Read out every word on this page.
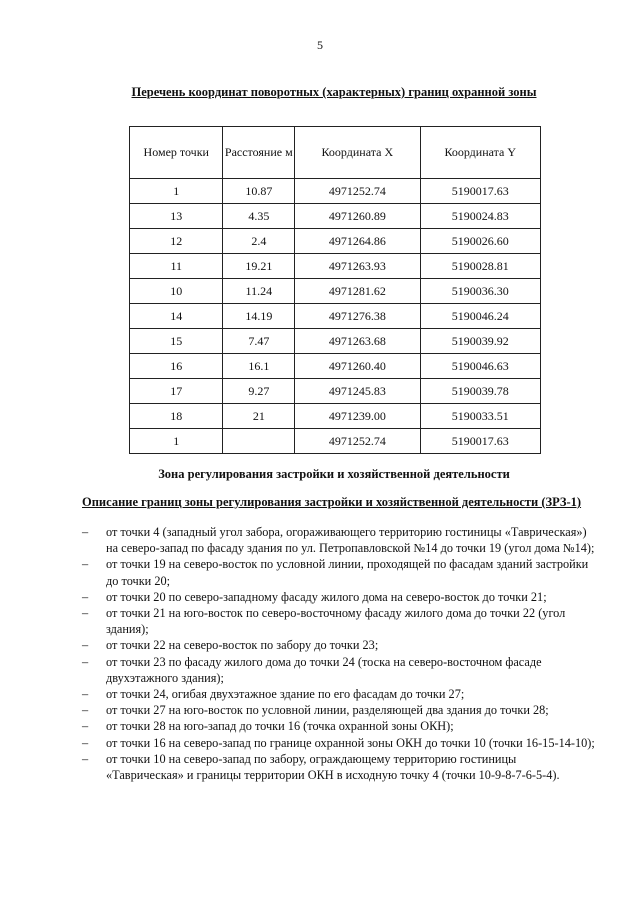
5
Перечень координат поворотных (характерных) границ охранной зоны
Номер точки	Расстояние м	Координата X	Координата Y
1	10.87	4971252.74	5190017.63
13	4.35	4971260.89	5190024.83
12	2.4	4971264.86	5190026.60
11	19.21	4971263.93	5190028.81
10	11.24	4971281.62	5190036.30
14	14.19	4971276.38	5190046.24
15	7.47	4971263.68	5190039.92
16	16.1	4971260.40	5190046.63
17	9.27	4971245.83	5190039.78
18	21	4971239.00	5190033.51
1		4971252.74	5190017.63
Зона регулирования застройки и хозяйственной деятельности
Описание границ зоны регулирования застройки и хозяйственной деятельности (ЗРЗ-1)
– от точки 4 (западный угол забора, огораживающего территорию гостиницы «Таврическая») на северо-запад по фасаду здания по ул. Петропавловской №14 до точки 19 (угол дома №14);
– от точки 19 на северо-восток по условной линии, проходящей по фасадам зданий застройки до точки 20;
– от точки 20 по северо-западному фасаду жилого дома на северо-восток до точки 21;
– от точки 21 на юго-восток по северо-восточному фасаду жилого дома до точки 22 (угол здания);
– от точки 22 на северо-восток по забору до точки 23;
– от точки 23 по фасаду жилого дома до точки 24 (тоска на северо-восточном фасаде двухэтажного здания);
– от точки 24, огибая двухэтажное здание по его фасадам до точки 27;
– от точки 27 на юго-восток по условной линии, разделяющей два здания до точки 28;
– от точки 28 на юго-запад до точки 16 (точка охранной зоны ОКН);
– от точки 16 на северо-запад по границе охранной зоны ОКН до точки 10 (точки 16-15-14-10);
– от точки 10 на северо-запад по забору, ограждающему территорию гостиницы «Таврическая» и границы территории ОКН в исходную точку 4 (точки 10-9-8-7-6-5-4).
